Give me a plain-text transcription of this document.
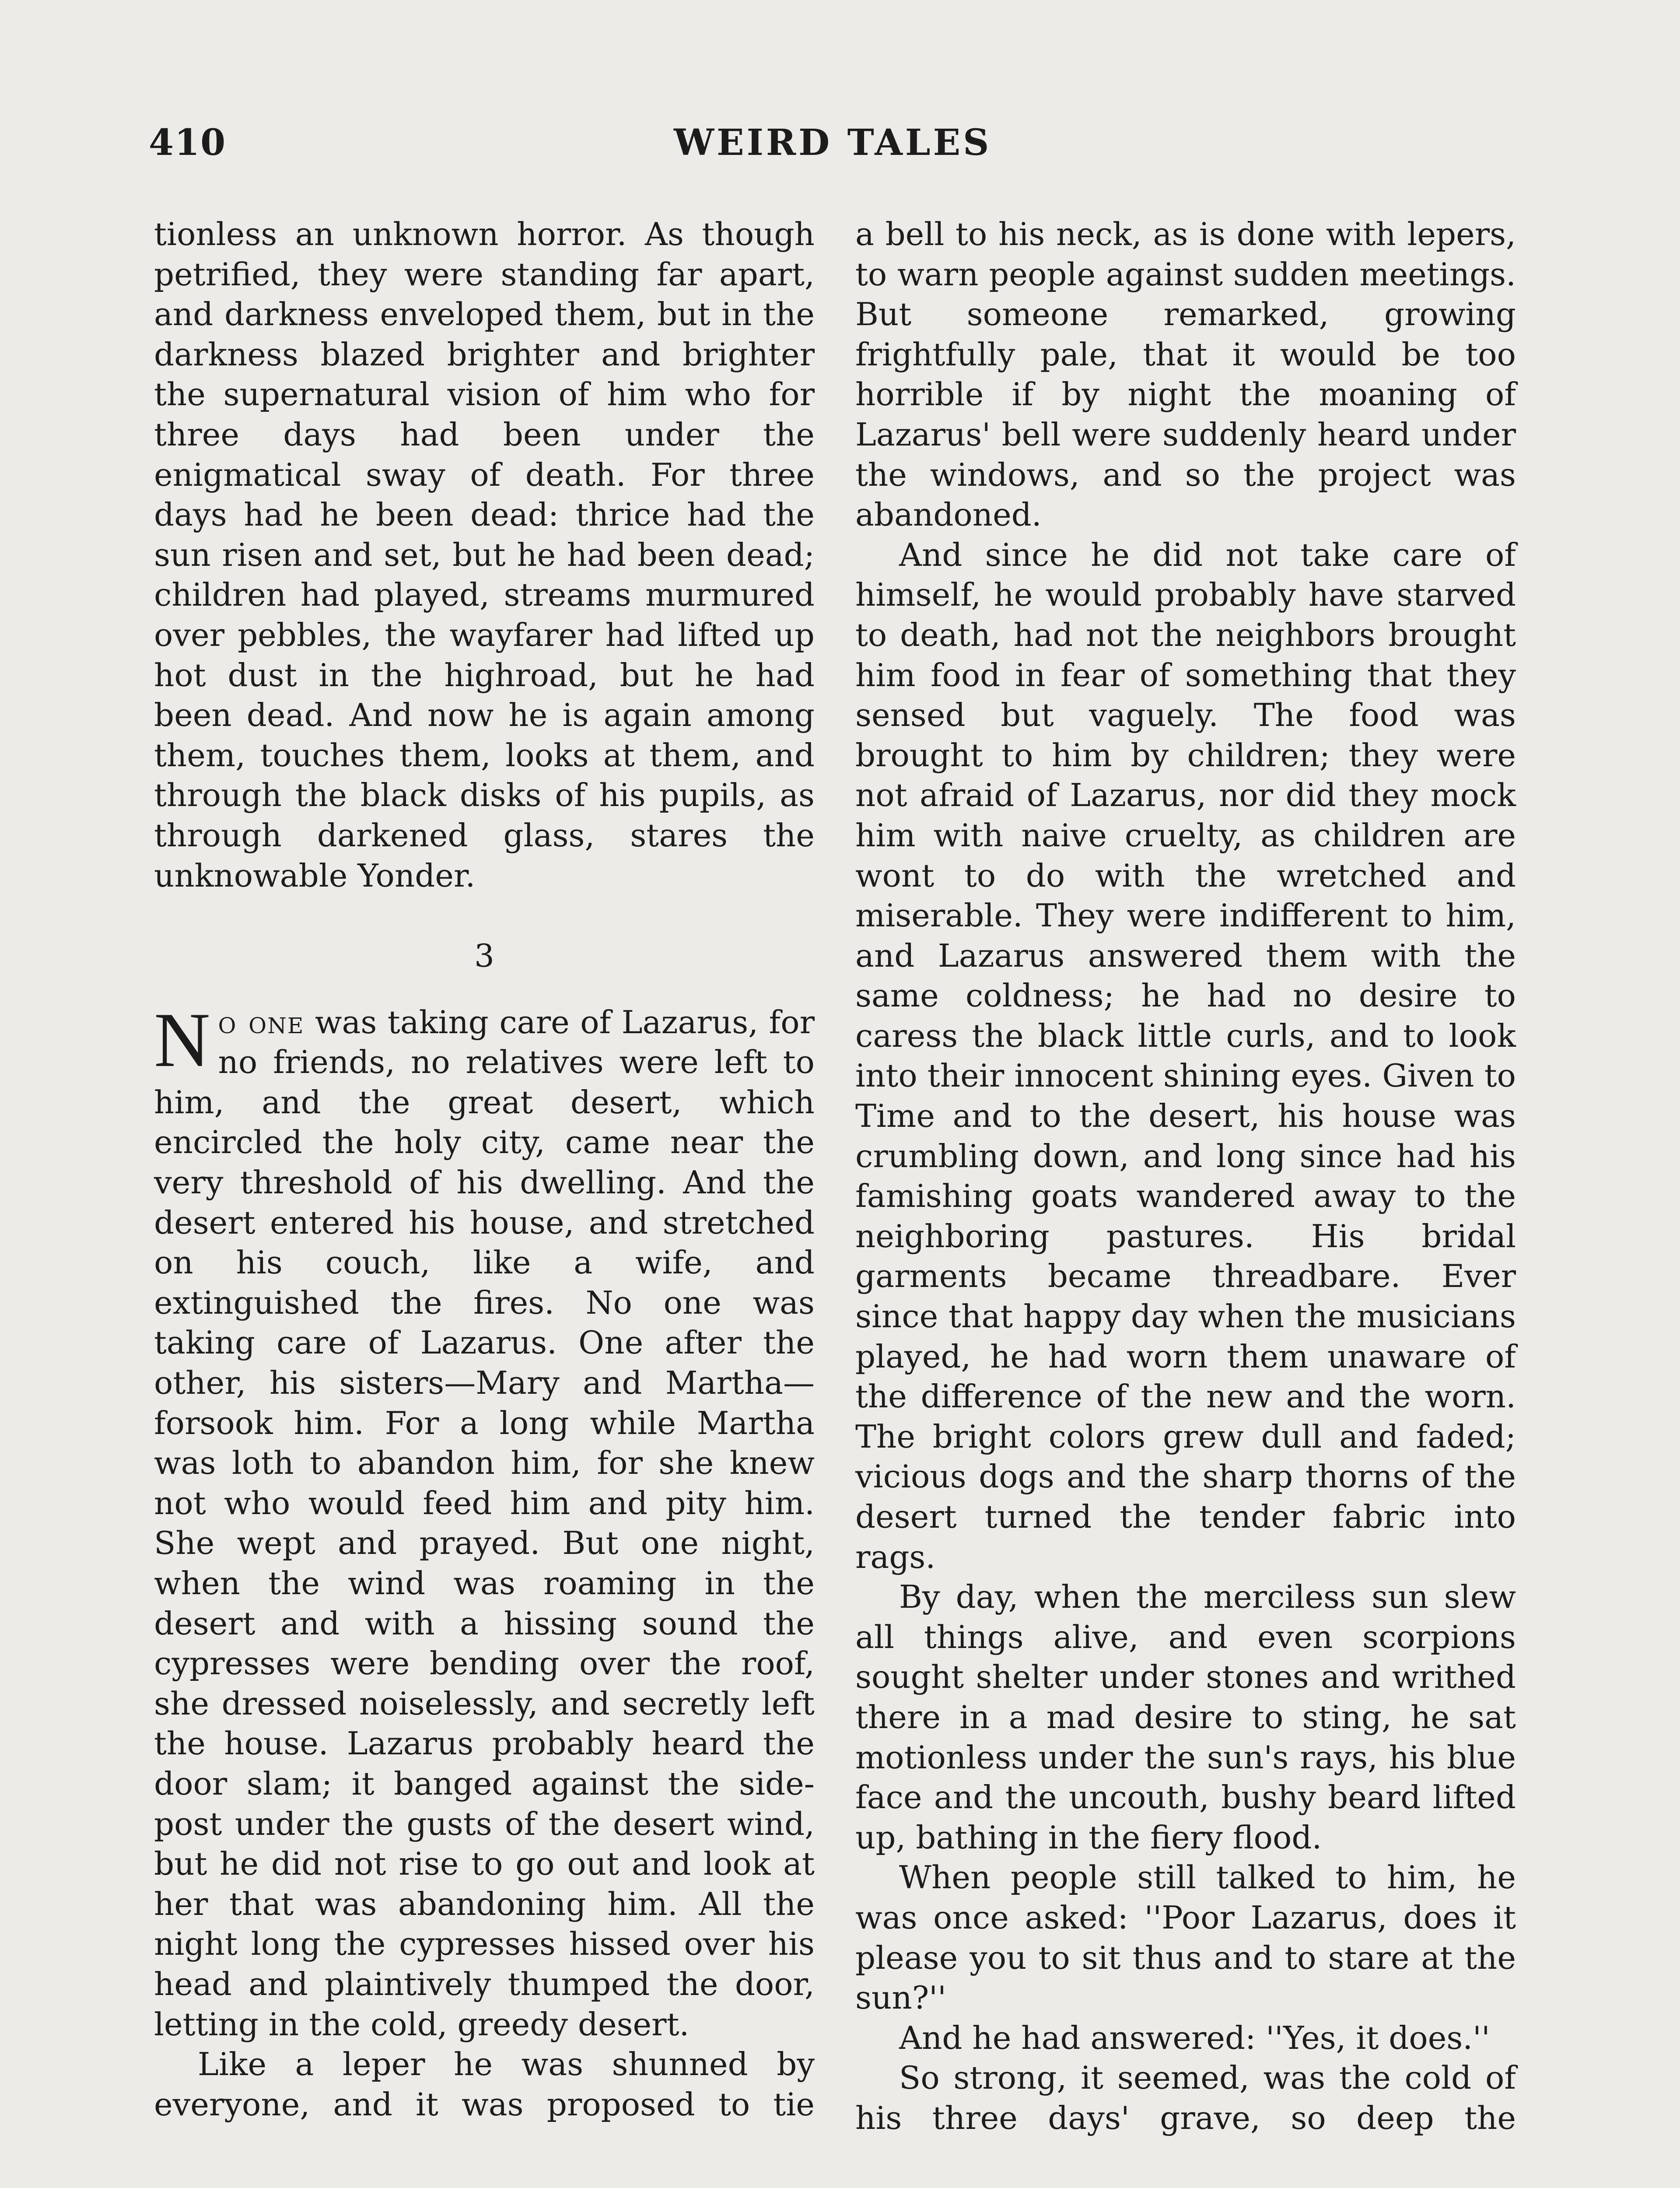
410	WEIRD TALES

tionless an unknown horror. As though petrified, they were standing far apart, and darkness enveloped them, but in the darkness blazed brighter and brighter the supernatural vision of him who for three days had been under the enigmatical sway of death. For three days had he been dead: thrice had the sun risen and set, but he had been dead; children had played, streams murmured over pebbles, the wayfarer had lifted up hot dust in the highroad, but he had been dead. And now he is again among them, touches them, looks at them, and through the black disks of his pupils, as through darkened glass, stares the unknowable Yonder.

3

No one was taking care of Lazarus, for no friends, no relatives were left to him, and the great desert, which encircled the holy city, came near the very threshold of his dwelling. And the desert entered his house, and stretched on his couch, like a wife, and extinguished the fires. No one was taking care of Lazarus. One after the other, his sisters—Mary and Martha—forsook him. For a long while Martha was loth to abandon him, for she knew not who would feed him and pity him. She wept and prayed. But one night, when the wind was roaming in the desert and with a hissing sound the cypresses were bending over the roof, she dressed noiselessly, and secretly left the house. Lazarus probably heard the door slam; it banged against the side-post under the gusts of the desert wind, but he did not rise to go out and look at her that was abandoning him. All the night long the cypresses hissed over his head and plaintively thumped the door, letting in the cold, greedy desert.

Like a leper he was shunned by everyone, and it was proposed to tie

a bell to his neck, as is done with lepers, to warn people against sudden meetings. But someone remarked, growing frightfully pale, that it would be too horrible if by night the moaning of Lazarus' bell were suddenly heard under the windows, and so the project was abandoned.

And since he did not take care of himself, he would probably have starved to death, had not the neighbors brought him food in fear of something that they sensed but vaguely. The food was brought to him by children; they were not afraid of Lazarus, nor did they mock him with naive cruelty, as children are wont to do with the wretched and miserable. They were indifferent to him, and Lazarus answered them with the same coldness; he had no desire to caress the black little curls, and to look into their innocent shining eyes. Given to Time and to the desert, his house was crumbling down, and long since had his famishing goats wandered away to the neighboring pastures. His bridal garments became threadbare. Ever since that happy day when the musicians played, he had worn them unaware of the difference of the new and the worn. The bright colors grew dull and faded; vicious dogs and the sharp thorns of the desert turned the tender fabric into rags.

By day, when the merciless sun slew all things alive, and even scorpions sought shelter under stones and writhed there in a mad desire to sting, he sat motionless under the sun's rays, his blue face and the uncouth, bushy beard lifted up, bathing in the fiery flood.

When people still talked to him, he was once asked: ''Poor Lazarus, does it please you to sit thus and to stare at the sun?''

And he had answered: ''Yes, it does.''

So strong, it seemed, was the cold of his three days' grave, so deep the
